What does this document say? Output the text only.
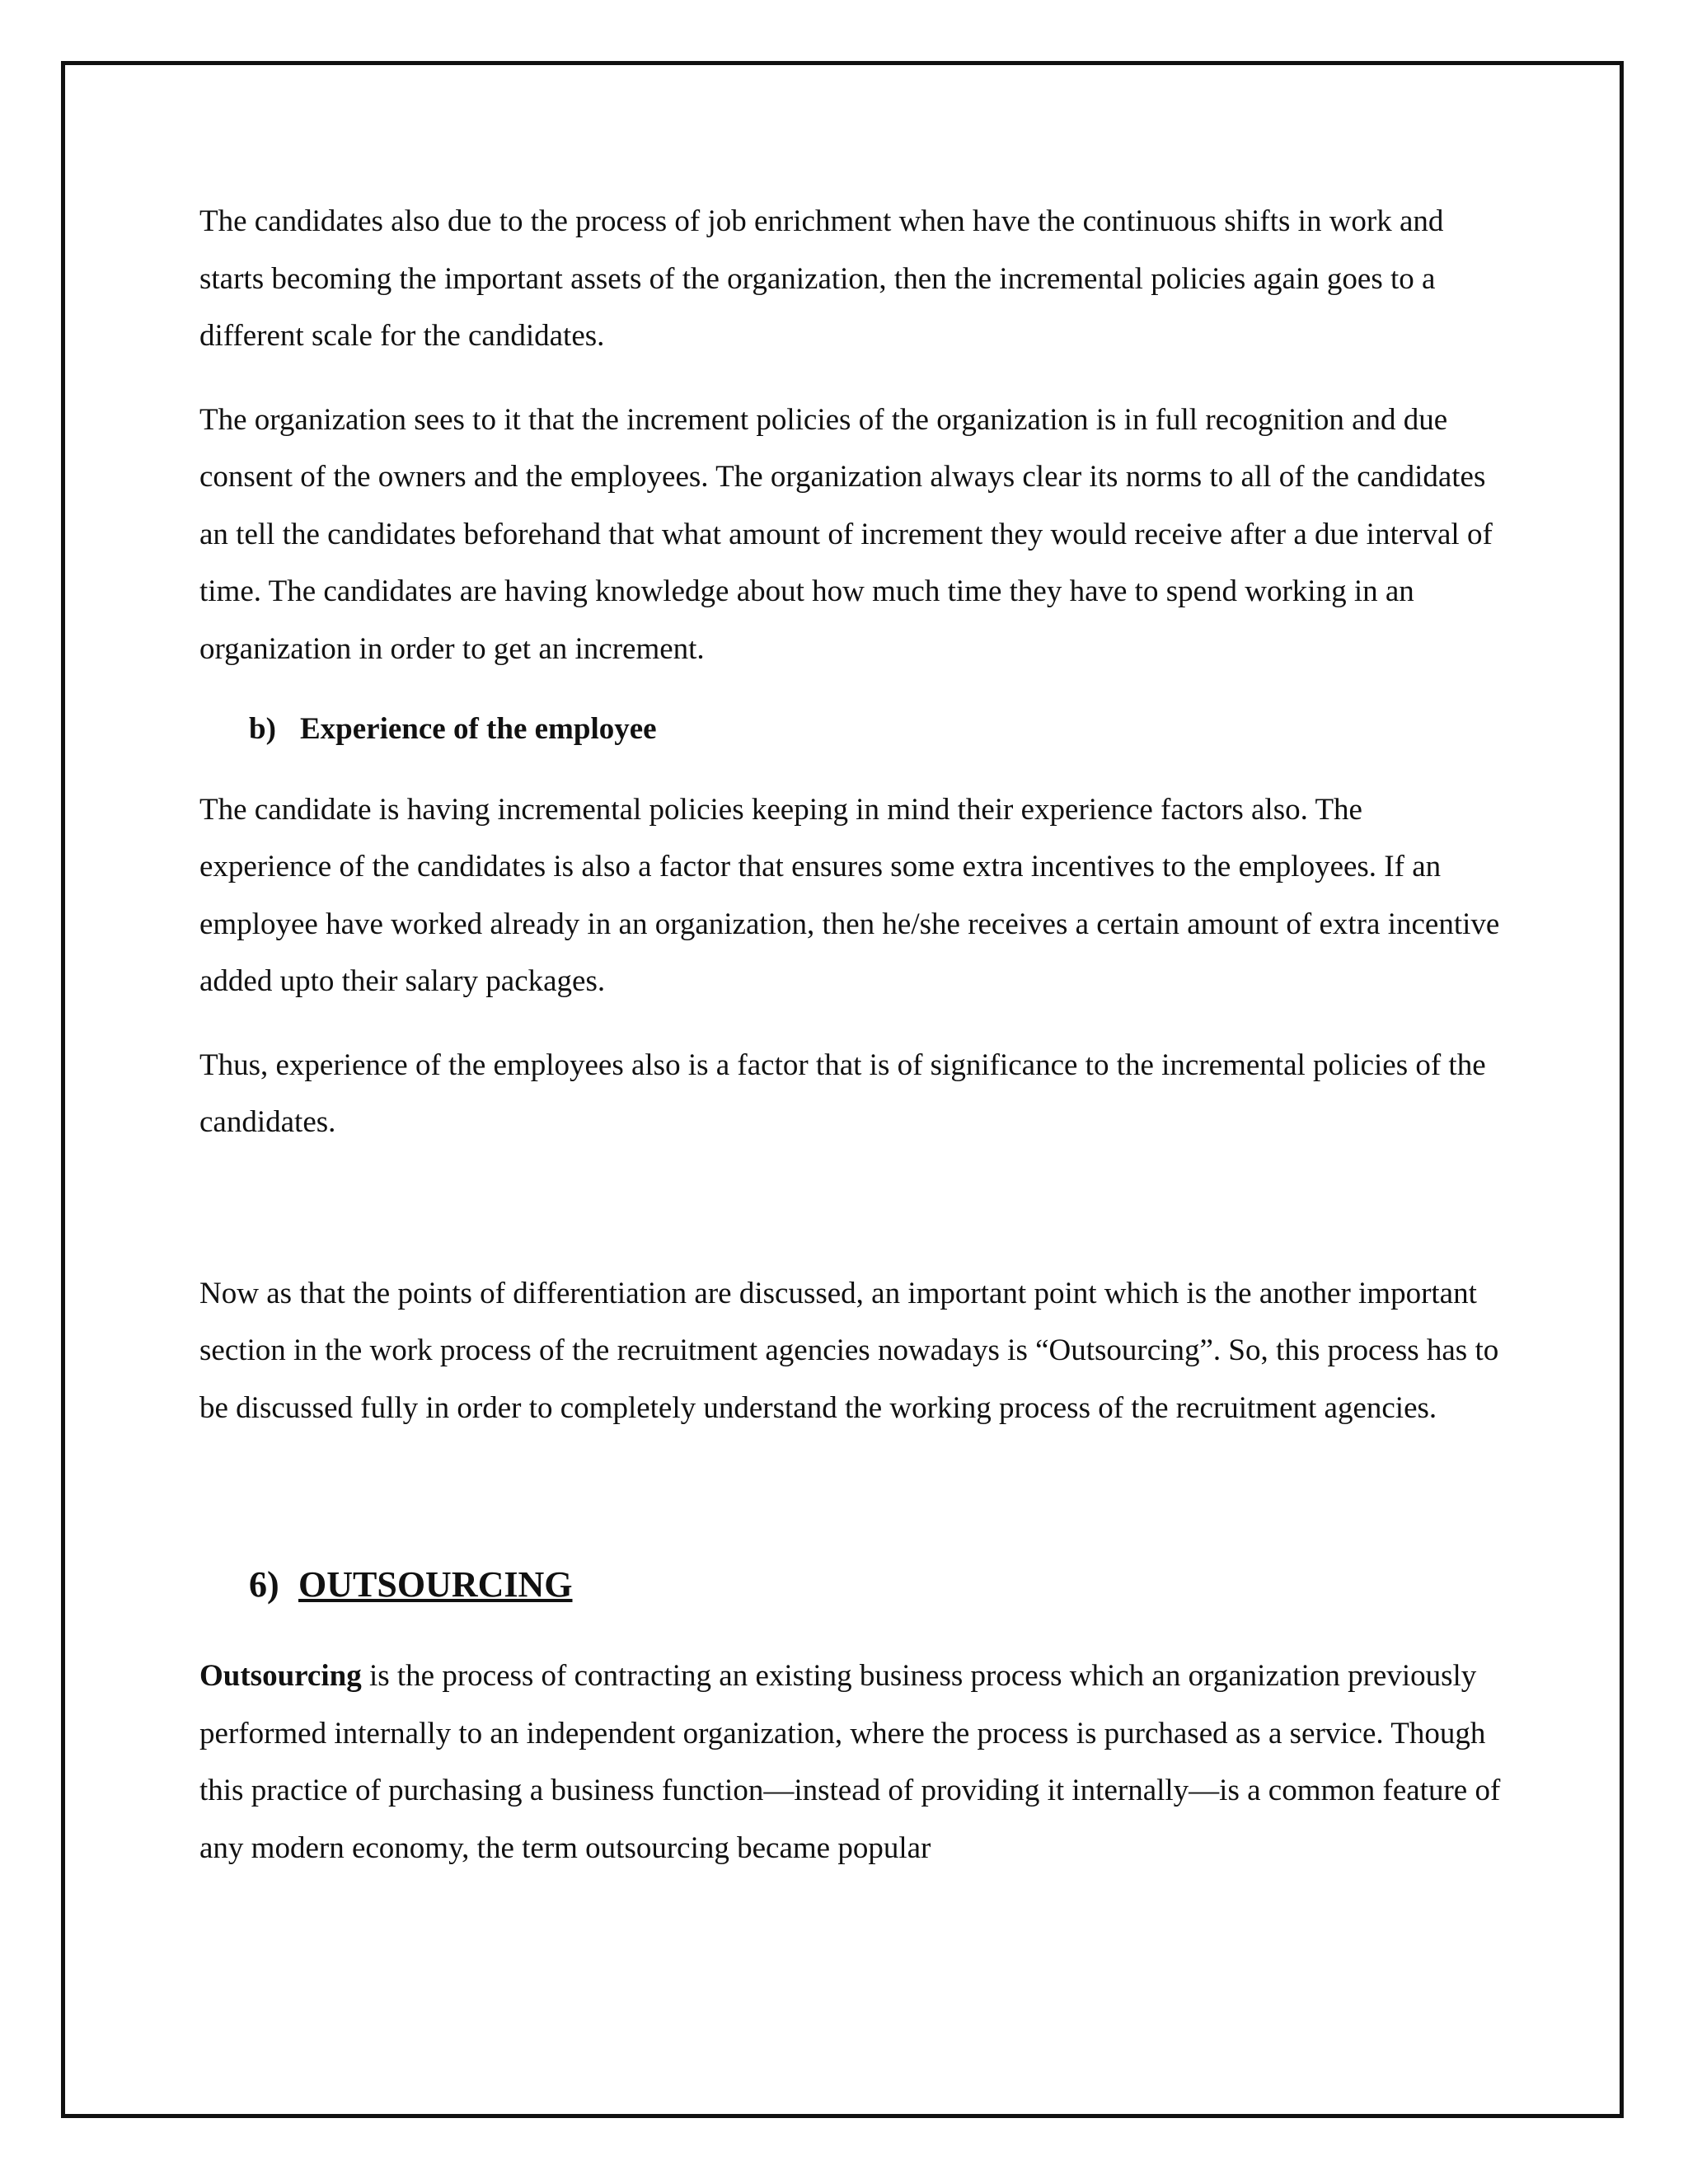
The candidates also due to the process of job enrichment when have the continuous shifts in work and starts becoming the important assets of the organization, then the incremental policies again goes to a different scale for the candidates.

The organization sees to it that the increment policies of the organization is in full recognition and due consent of the owners and the employees. The organization always clear its norms to all of the candidates an tell the candidates beforehand that what amount of increment they would receive after a due interval of time. The candidates are having knowledge about how much time they have to spend working in an organization in order to get an increment.

b) Experience of the employee

The candidate is having incremental policies keeping in mind their experience factors also. The experience of the candidates is also a factor that ensures some extra incentives to the employees. If an employee have worked already in an organization, then he/she receives a certain amount of extra incentive added upto their salary packages.

Thus, experience of the employees also is a factor that is of significance to the incremental policies of the candidates.

Now as that the points of differentiation are discussed, an important point which is the another important section in the work process of the recruitment agencies nowadays is “Outsourcing”. So, this process has to be discussed fully in order to completely understand the working process of the recruitment agencies.

6) OUTSOURCING

Outsourcing is the process of contracting an existing business process which an organization previously performed internally to an independent organization, where the process is purchased as a service. Though this practice of purchasing a business function—instead of providing it internally—is a common feature of any modern economy, the term outsourcing became popular
